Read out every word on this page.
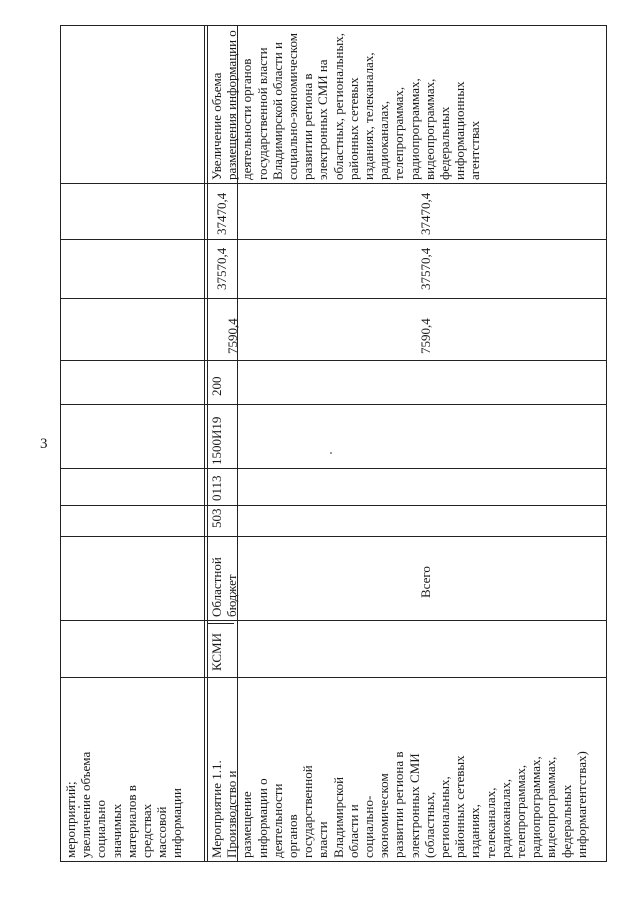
3
мероприятий;
увеличение объема
социально
значимых
материалов в
средствах
массовой
информации Мероприятие 1.1.
Производство и
размещение
информации о
деятельности
органов
государственной
власти
Владимирской
области и
социально-
экономическом
развитии региона в
электронных СМИ
(областных,
региональных,
районных сетевых
изданиях,
телеканалах,
радиоканалах,
телепрограммах,
радиопрограммах,
видеопрограммах,
федеральных
информагентствах)
КСМИ
Областной
бюджет	Всего
503
0113
1500И19
200
7590,4
37570,4
37470,4
7590,4
37570,4
37470,4
Увеличение объема
размещения информации о
деятельности органов
государственной власти
Владимирской области и
социально-экономическом
развитии региона в
электронных СМИ на
областных, региональных,
районных сетевых
изданиях, телеканалах,
радиоканалах,
телепрограммах,
радиопрограммах,
видеопрограммах,
федеральных
информационных
агентствах
